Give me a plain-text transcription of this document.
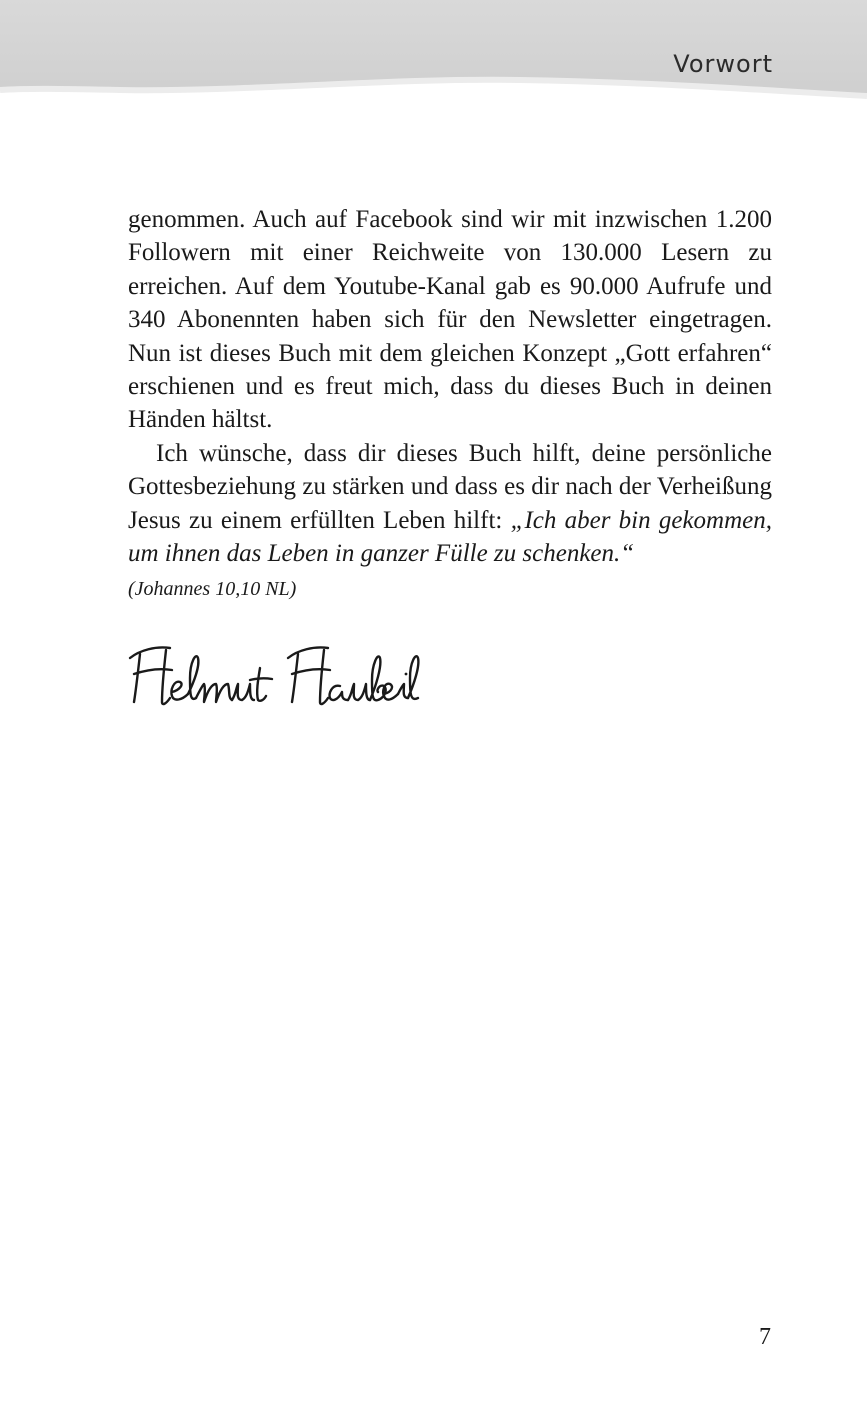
Vorwort

genommen. Auch auf Facebook sind wir mit inzwischen 1.200 Followern mit einer Reichweite von 130.000 Lesern zu erreichen. Auf dem Youtube-Kanal gab es 90.000 Aufrufe und 340 Abonennten haben sich für den Newsletter eingetragen. Nun ist dieses Buch mit dem gleichen Konzept „Gott erfahren“ erschienen und es freut mich, dass du dieses Buch in deinen Händen hältst.

Ich wünsche, dass dir dieses Buch hilft, deine persönliche Gottesbeziehung zu stärken und dass es dir nach der Verheißung Jesus zu einem erfüllten Leben hilft: „Ich aber bin gekommen, um ihnen das Leben in ganzer Fülle zu schenken.“

(Johannes 10,10 NL)
7
